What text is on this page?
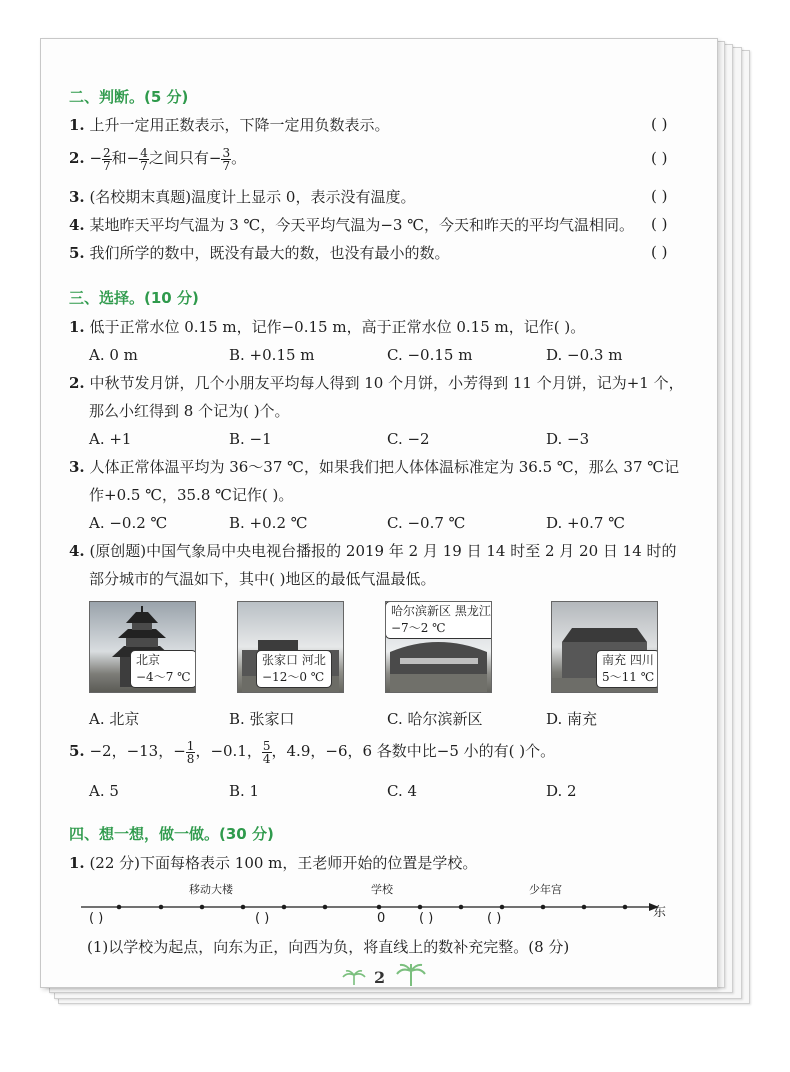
二、判断。(5 分)
1. 上升一定用正数表示，下降一定用负数表示。	( )
2. − $\frac{2}{7}$ 和− $\frac{4}{7}$ 之间只有− $\frac{3}{7}$ 。	( )
3. (名校期末真题)温度计上显示 0，表示没有温度。	( )
4. 某地昨天平均气温为 3 ℃，今天平均气温为−3 ℃，今天和昨天的平均气温相同。 ( )
5. 我们所学的数中，既没有最大的数，也没有最小的数。	( )
三、选择。(10 分)
1. 低于正常水位 0.15 m，记作−0.15 m，高于正常水位 0.15 m，记作( )。
A. 0 m	B. +0.15 m	C. −0.15 m	D. −0.3 m
2. 中秋节发月饼，几个小朋友平均每人得到 10 个月饼，小芳得到 11 个月饼，记为+1 个，
那么小红得到 8 个记为( )个。
A. +1	B. −1	C. −2	D. −3
3. 人体正常体温平均为 36～37 ℃，如果我们把人体体温标准定为 36.5 ℃，那么 37 ℃记
作+0.5 ℃，35.8 ℃记作( )。
A. −0.2 ℃	B. +0.2 ℃	C. −0.7 ℃	D. +0.7 ℃
4. (原创题)中国气象局中央电视台播报的 2019 年 2 月 19 日 14 时至 2 月 20 日 14 时的
部分城市的气温如下，其中( )地区的最低气温最低。
北京
−4～7 ℃
张家口 河北
−12～0 ℃
哈尔滨新区 黑龙江
−7～2 ℃
南充 四川
5～11 ℃
A. 北京	B. 张家口	C. 哈尔滨新区	D. 南充
5. −2，−13，− $\frac{1}{8}$ ，−0.1， $\frac{5}{4}$ ，4.9，−6，6 各数中比−5 小的有( )个。
A. 5	B. 1	C. 4	D. 2
四、想一想，做一做。(30 分)
1. (22 分)下面每格表示 100 m，王老师开始的位置是学校。
移动大楼	学校	少年宫
东
( )	( )	0	( )	( )
(1)以学校为起点，向东为正，向西为负，将直线上的数补充完整。(8 分)
2
